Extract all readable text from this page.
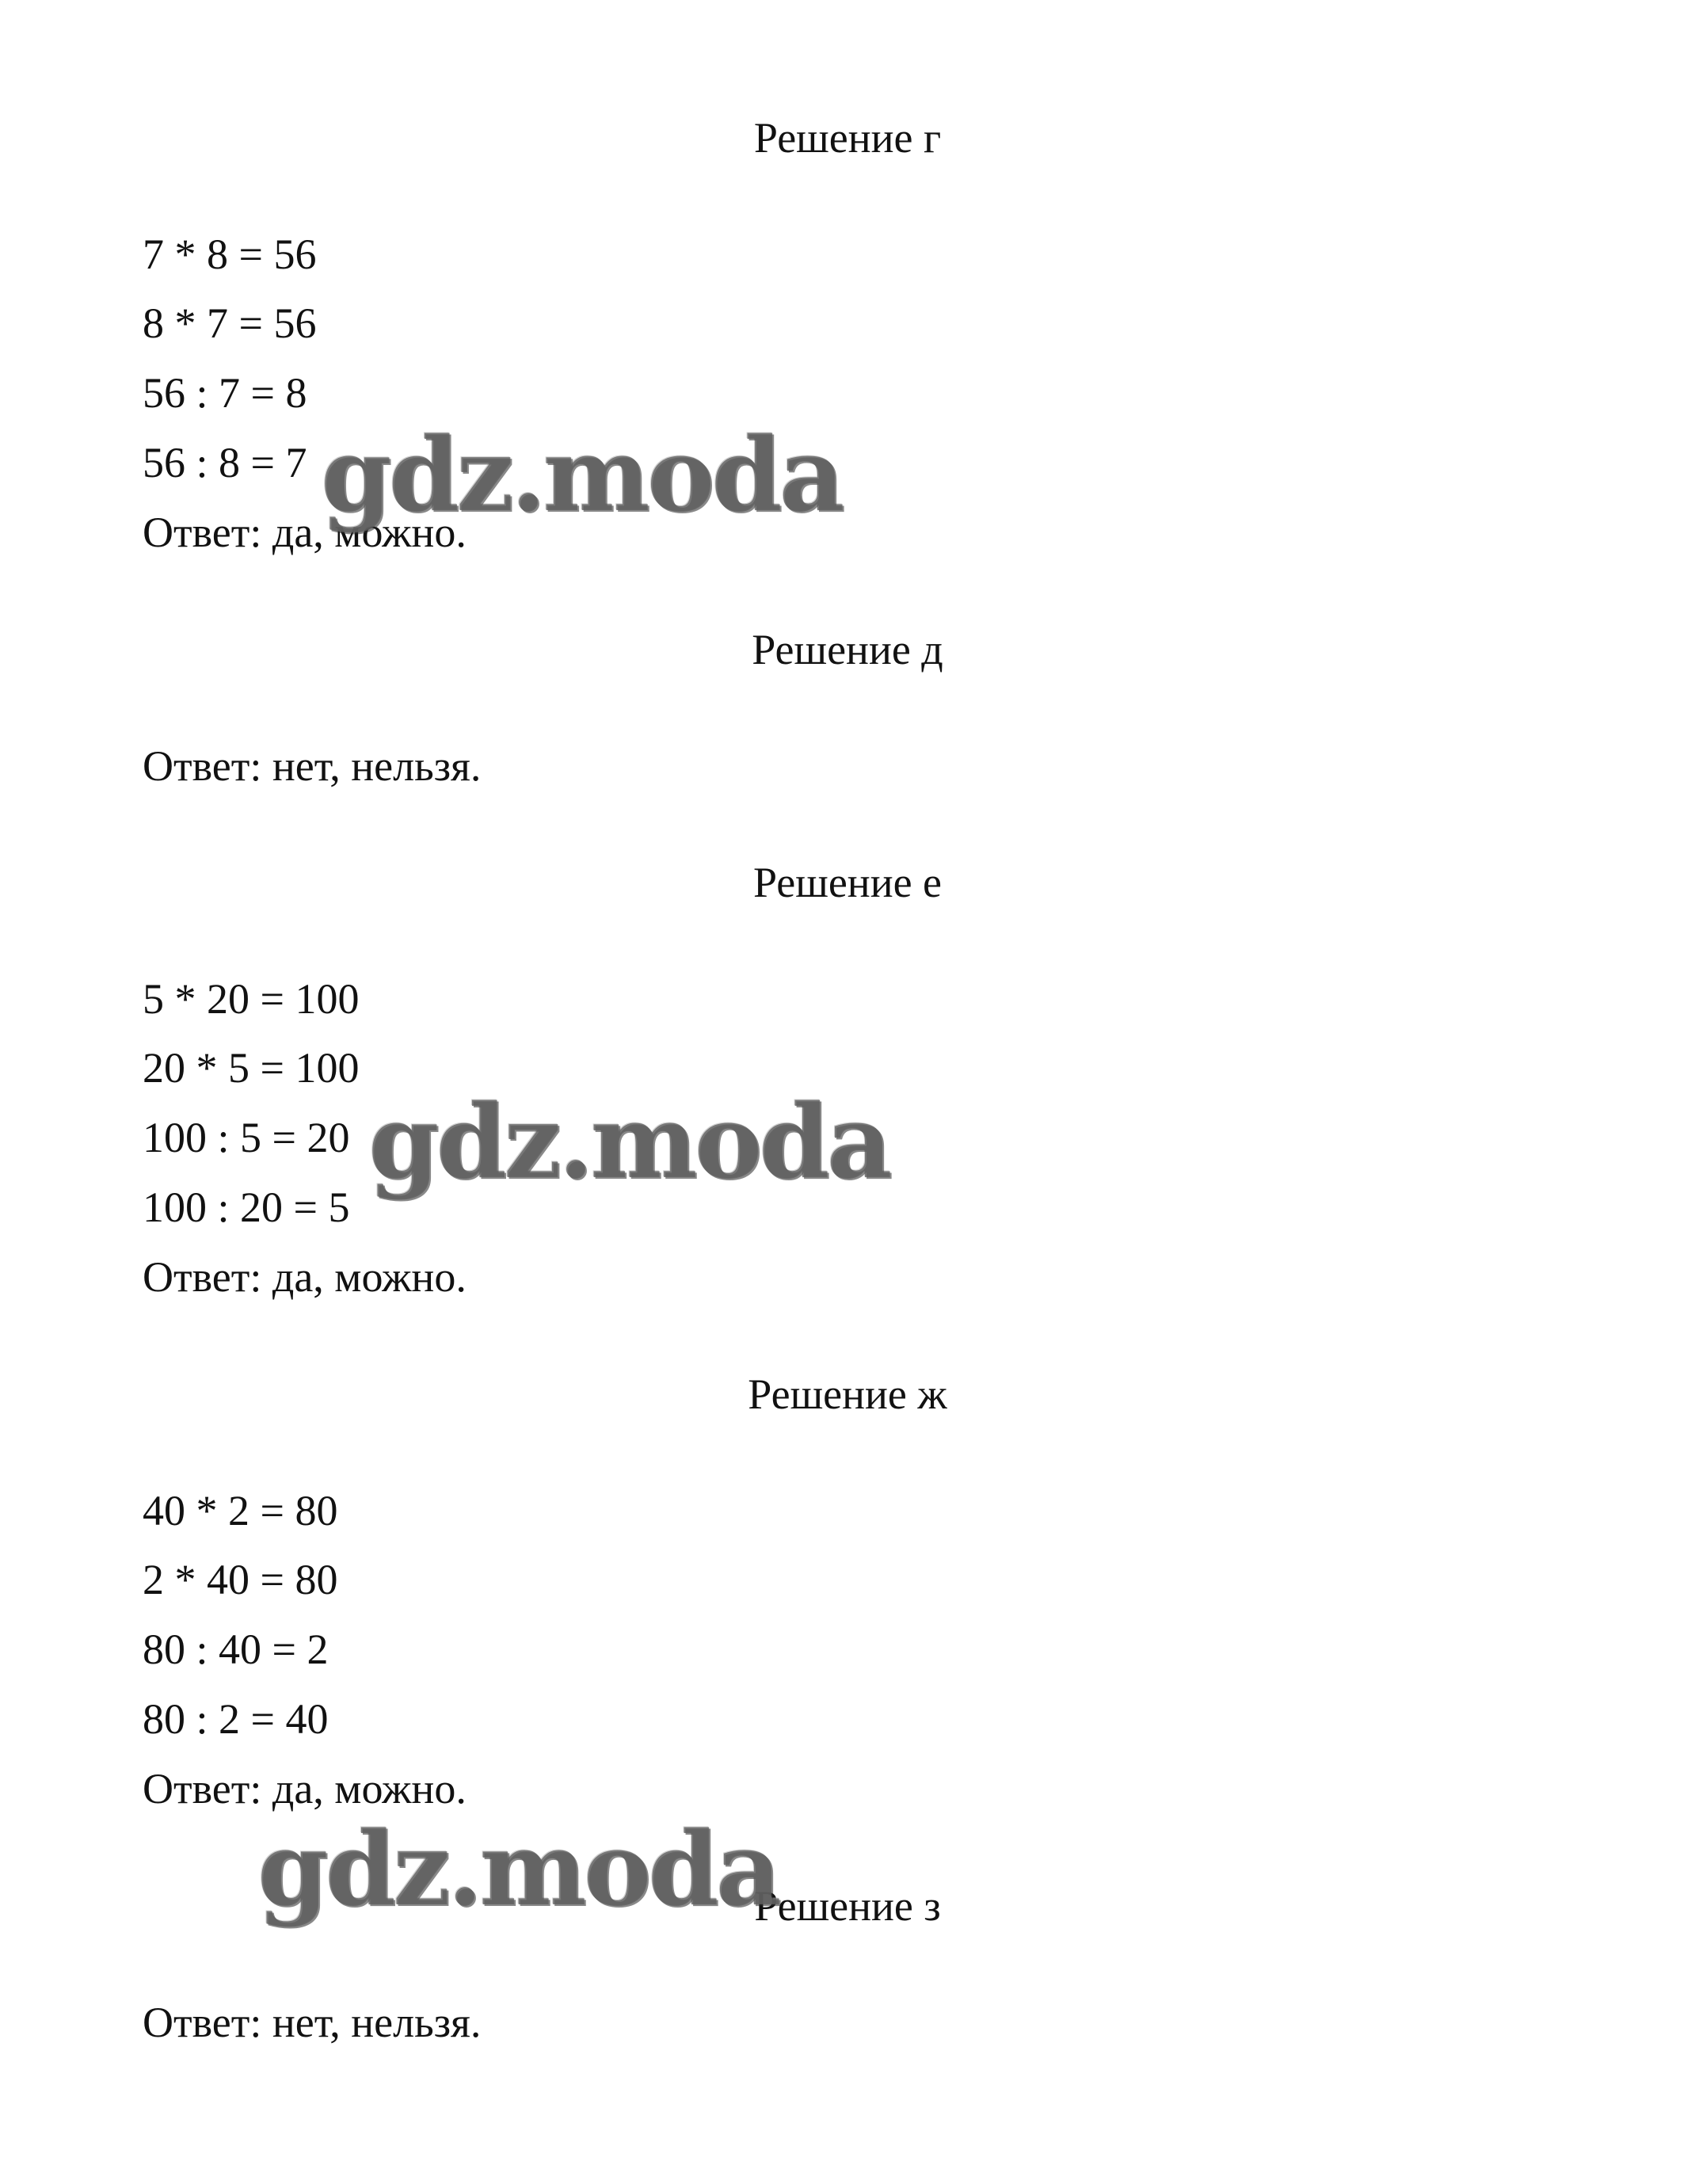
Решение г
7 * 8 = 56
8 * 7 = 56
56 : 7 = 8
56 : 8 = 7
Ответ: да, можно.
Решение д
Ответ: нет, нельзя.
Решение е
5 * 20 = 100
20 * 5 = 100
100 : 5 = 20
100 : 20 = 5
Ответ: да, можно.
Решение ж
40 * 2 = 80
2 * 40 = 80
80 : 40 = 2
80 : 2 = 40
Ответ: да, можно.
Решение з
Ответ: нет, нельзя.
gdz.moda
gdz.moda
gdz.moda
